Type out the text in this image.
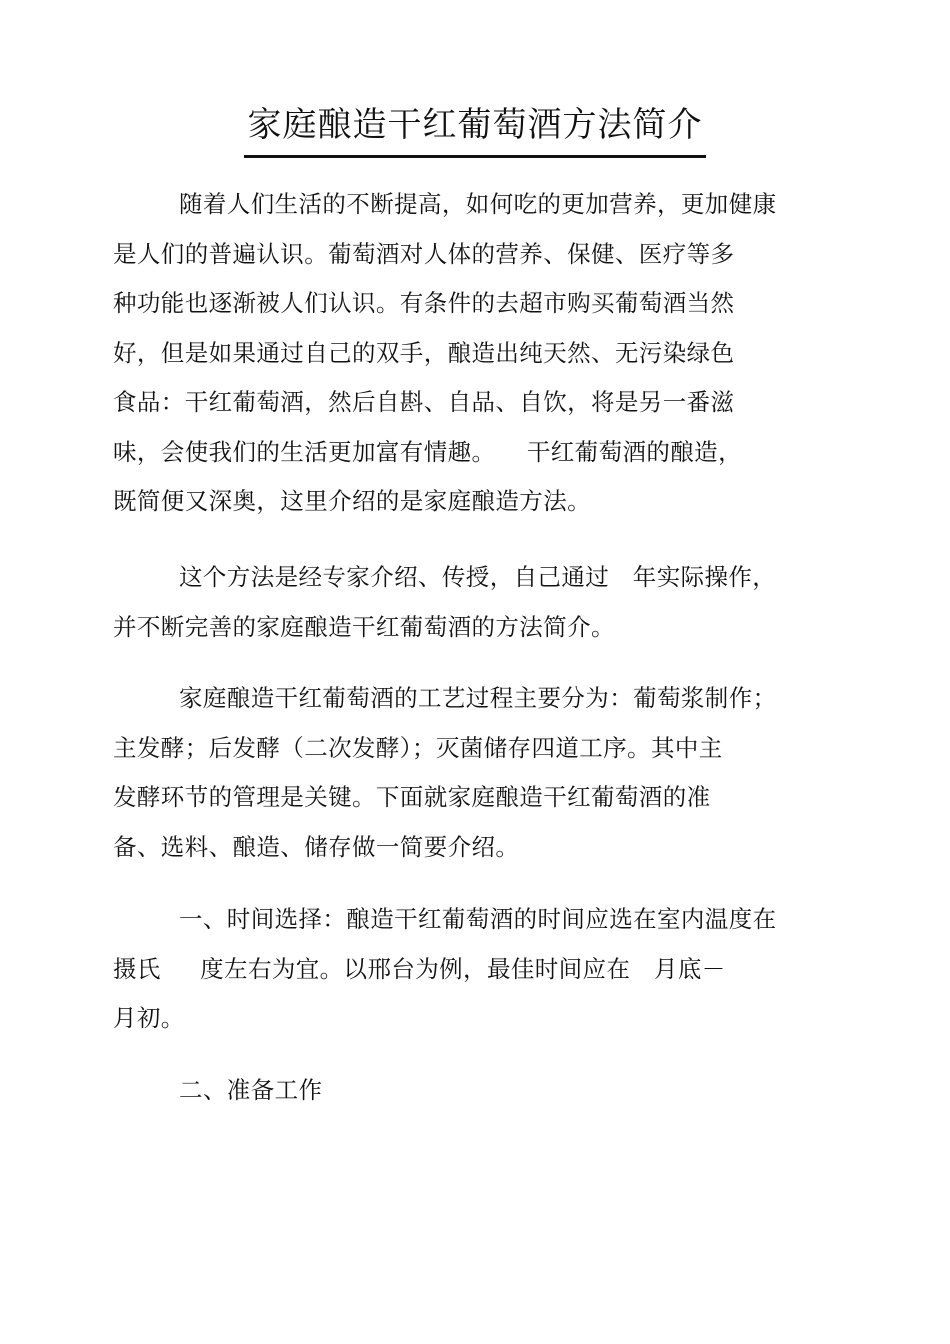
家庭酿造干红葡萄酒方法简介

随着人们生活的不断提高，如何吃的更加营养，更加健康
是人们的普遍认识。葡萄酒对人体的营养、保健、医疗等多
种功能也逐渐被人们认识。有条件的去超市购买葡萄酒当然
好，但是如果通过自己的双手，酿造出纯天然、无污染绿色
食品：干红葡萄酒，然后自斟、自品、自饮，将是另一番滋
味，会使我们的生活更加富有情趣。    干红葡萄酒的酿造，
既简便又深奥，这里介绍的是家庭酿造方法。

这个方法是经专家介绍、传授，自己通过   年实际操作，
并不断完善的家庭酿造干红葡萄酒的方法简介。

家庭酿造干红葡萄酒的工艺过程主要分为：葡萄浆制作；
主发酵；后发酵（二次发酵）；灭菌储存四道工序。其中主
发酵环节的管理是关键。下面就家庭酿造干红葡萄酒的准
备、选料、酿造、储存做一简要介绍。

一、时间选择：酿造干红葡萄酒的时间应选在室内温度在
摄氏     度左右为宜。以邢台为例，最佳时间应在   月底－
月初。

二、准备工作
